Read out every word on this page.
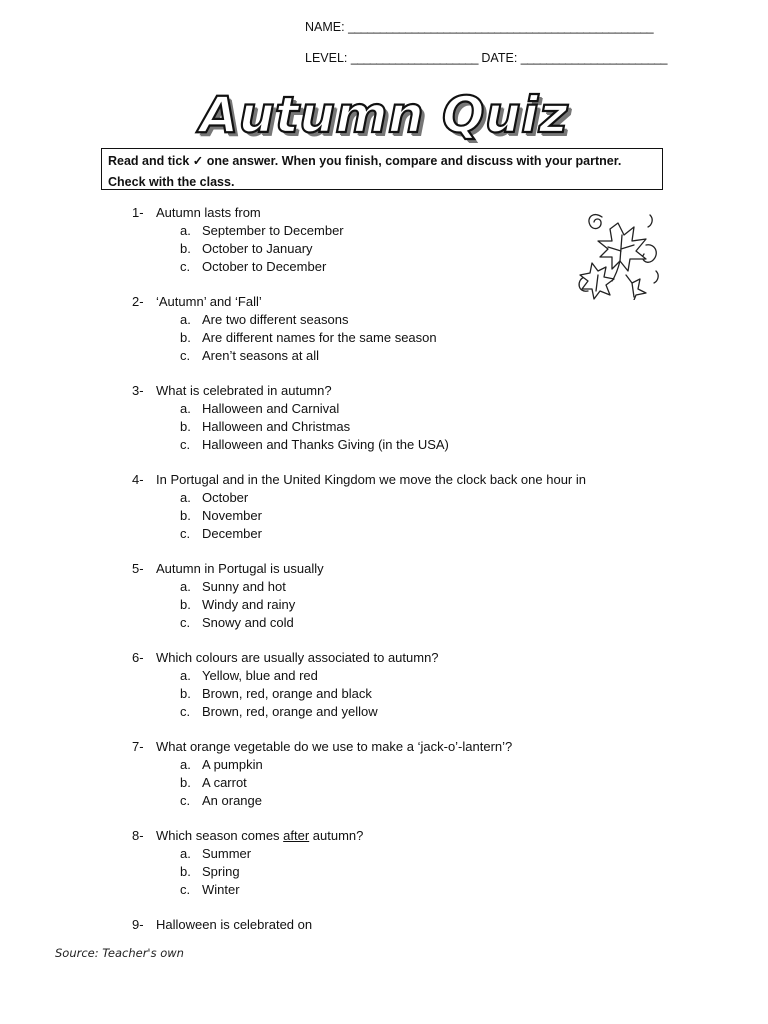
NAME: ________________________________________________
LEVEL: ____________________ DATE: _______________________
Autumn Quiz
Read and tick ✓ one answer. When you finish, compare and discuss with your partner. Check with the class.
1- Autumn lasts from
a. September to December
b. October to January
c. October to December
2- ‘Autumn’ and ‘Fall’
a. Are two different seasons
b. Are different names for the same season
c. Aren’t seasons at all
3- What is celebrated in autumn?
a. Halloween and Carnival
b. Halloween and Christmas
c. Halloween and Thanks Giving (in the USA)
4- In Portugal and in the United Kingdom we move the clock back one hour in
a. October
b. November
c. December
5- Autumn in Portugal is usually
a. Sunny and hot
b. Windy and rainy
c. Snowy and cold
6- Which colours are usually associated to autumn?
a. Yellow, blue and red
b. Brown, red, orange and black
c. Brown, red, orange and yellow
7- What orange vegetable do we use to make a ‘jack-o’-lantern’?
a. A pumpkin
b. A carrot
c. An orange
8- Which season comes after autumn?
a. Summer
b. Spring
c. Winter
9- Halloween is celebrated on
Source: Teacher's own
